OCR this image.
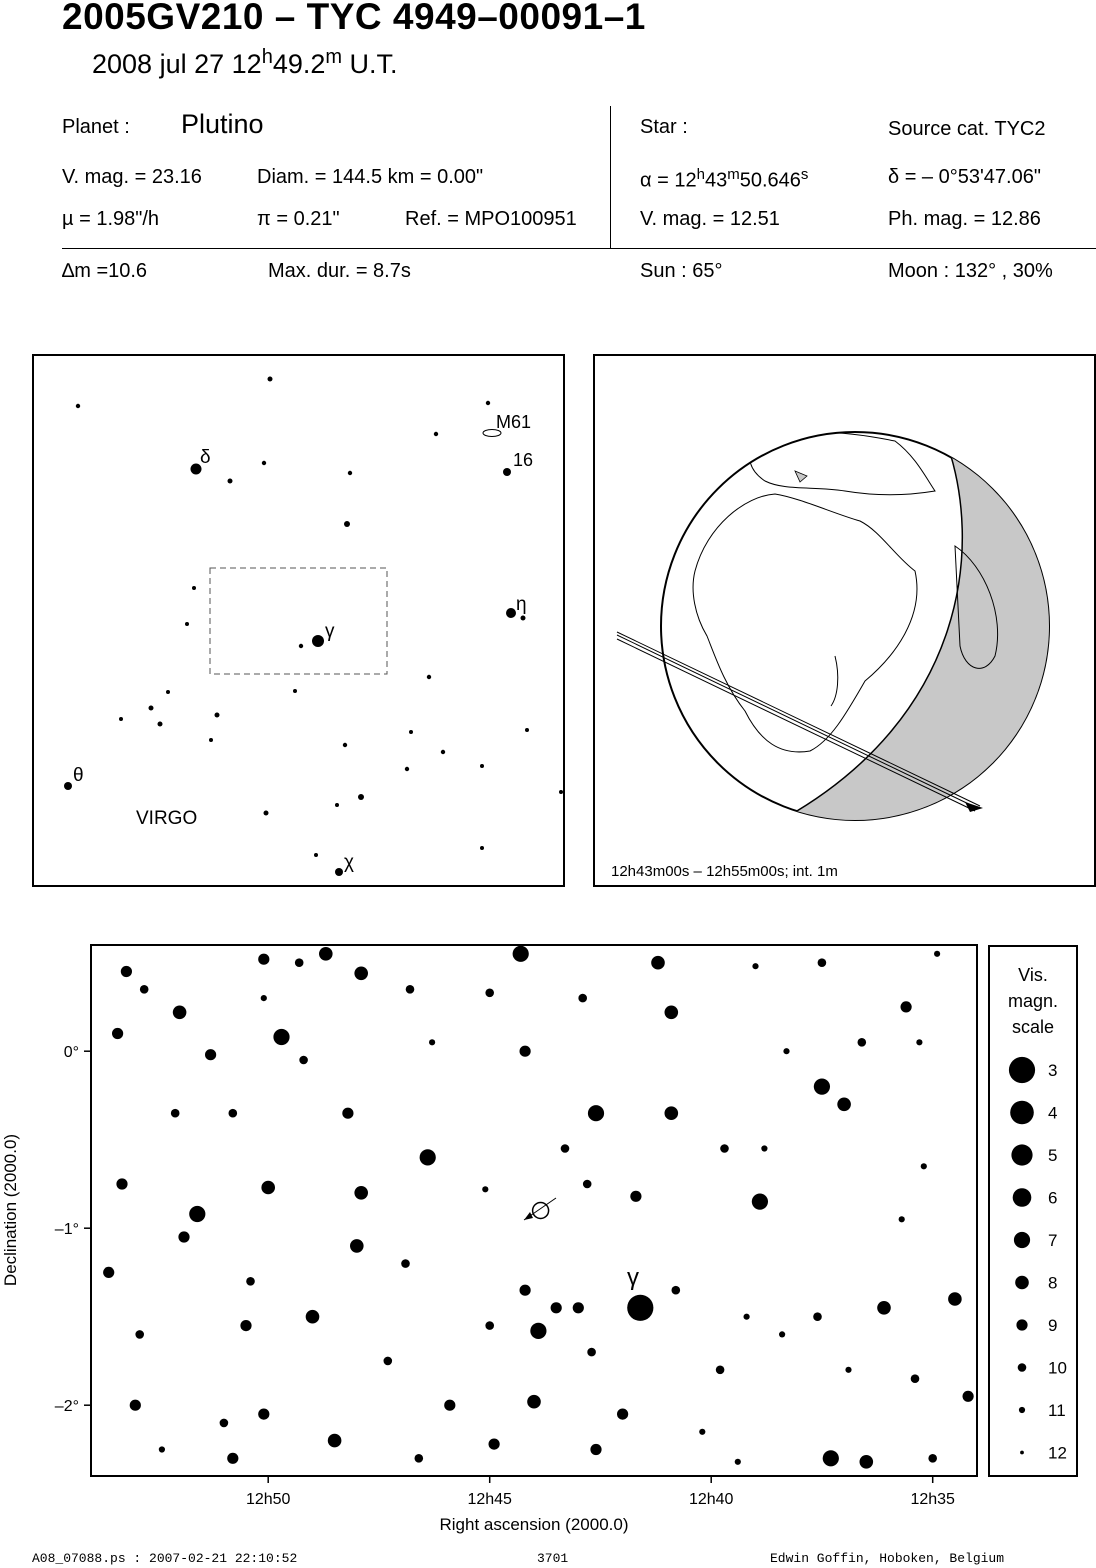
2005GV210 – TYC 4949–00091–1
2008 jul 27 12$^h$49.2$^m$ U.T.
Planet : Plutino
V. mag. = 23.16	Diam. = 144.5 km = 0.00"
µ = 1.98"/h	π = 0.21"	Ref. = MPO100951
Star :	Source cat. TYC2
$\alpha = 12^h43^m50.646^s$	δ = – 0°53'47.06"
V. mag. = 12.51	Ph. mag. = 12.86
∆m =10.6	Max. dur. = 8.7s	Sun : 65°	Moon : 132° , 30%
M61
16
δ
γ
η
θ
χ
VIRGO
12h43m00s – 12h55m00s; int. 1m
12h50	12h45	12h40	12h35
0°
–1°
–2°
γ
Right ascension (2000.0)
Declination (2000.0)
Vis.
magn.
scale
3
4
5
6
7
8
9
10
11
12
A08_07088.ps : 2007-02-21 22:10:52	3701	Edwin Goffin, Hoboken, Belgium
